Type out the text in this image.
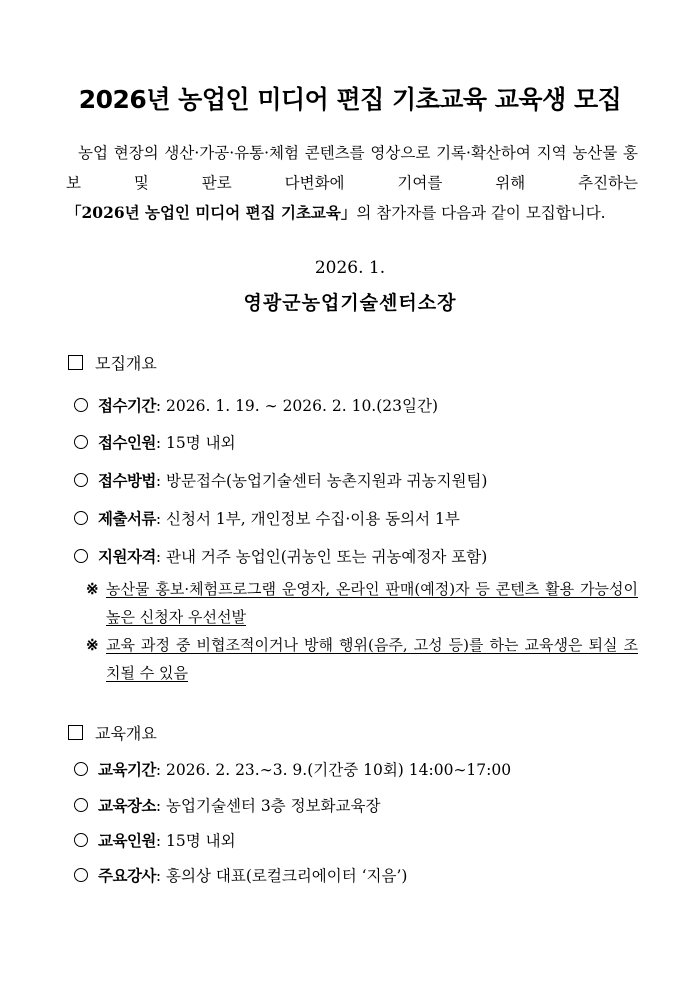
2026년 농업인 미디어 편집 기초교육 교육생 모집
농업 현장의 생산·가공·유통·체험 콘텐츠를 영상으로 기록·확산하여 지역 농산물 홍보 및 판로 다변화에 기여를 위해 추진하는 「2026년 농업인 미디어 편집 기초교육」의 참가자를 다음과 같이 모집합니다.
2026. 1.
영광군농업기술센터소장
모집개요
접수기간 : 2026. 1. 19. ∼ 2026. 2. 10.(23일간)
접수인원 : 15명 내외
접수방법 : 방문접수(농업기술센터 농촌지원과 귀농지원팀)
제출서류 : 신청서 1부, 개인정보 수집·이용 동의서 1부
지원자격 : 관내 거주 농업인(귀농인 또는 귀농예정자 포함)
※ 농산물 홍보·체험프로그램 운영자, 온라인 판매(예정)자 등 콘텐츠 활용 가능성이 높은 신청자 우선선발
※ 교육 과정 중 비협조적이거나 방해 행위(음주, 고성 등)를 하는 교육생은 퇴실 조치될 수 있음
교육개요
교육기간 : 2026. 2. 23.∼3. 9.(기간중 10회) 14:00∼17:00
교육장소 : 농업기술센터 3층 정보화교육장
교육인원 : 15명 내외
주요강사 : 홍의상 대표(로컬크리에이터 ‘지음’)
